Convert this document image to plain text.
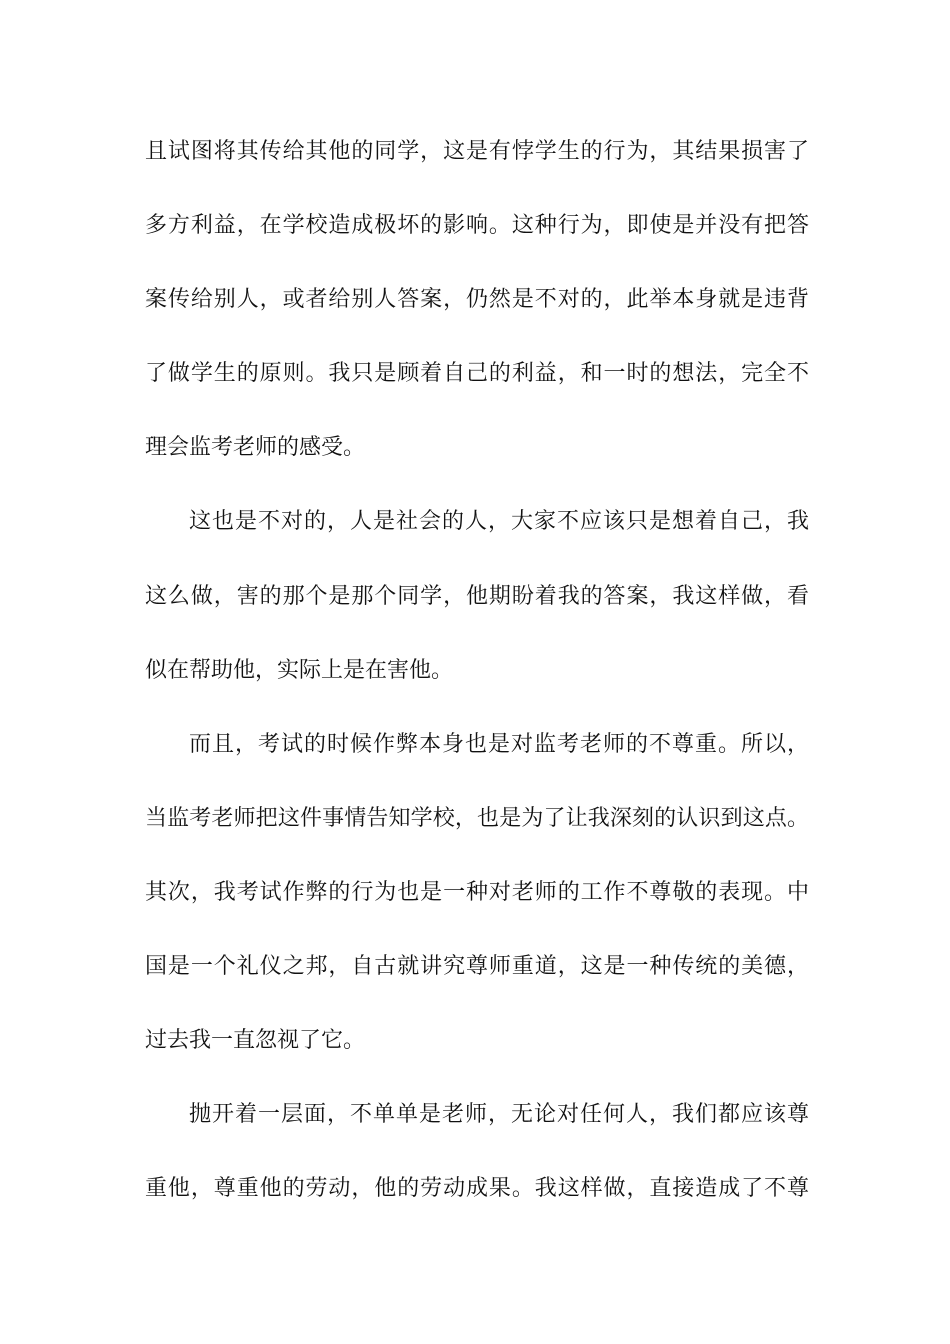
且试图将其传给其他的同学，这是有悖学生的行为，其结果损害了
多方利益，在学校造成极坏的影响。这种行为，即使是并没有把答
案传给别人，或者给别人答案，仍然是不对的，此举本身就是违背
了做学生的原则。我只是顾着自己的利益，和一时的想法，完全不
理会监考老师的感受。
这也是不对的，人是社会的人，大家不应该只是想着自己，我
这么做，害的那个是那个同学，他期盼着我的答案，我这样做，看
似在帮助他，实际上是在害他。
而且，考试的时候作弊本身也是对监考老师的不尊重。所以，
当监考老师把这件事情告知学校，也是为了让我深刻的认识到这点。
其次，我考试作弊的行为也是一种对老师的工作不尊敬的表现。中
国是一个礼仪之邦，自古就讲究尊师重道，这是一种传统的美德，
过去我一直忽视了它。
抛开着一层面，不单单是老师，无论对任何人，我们都应该尊
重他，尊重他的劳动，他的劳动成果。我这样做，直接造成了不尊
